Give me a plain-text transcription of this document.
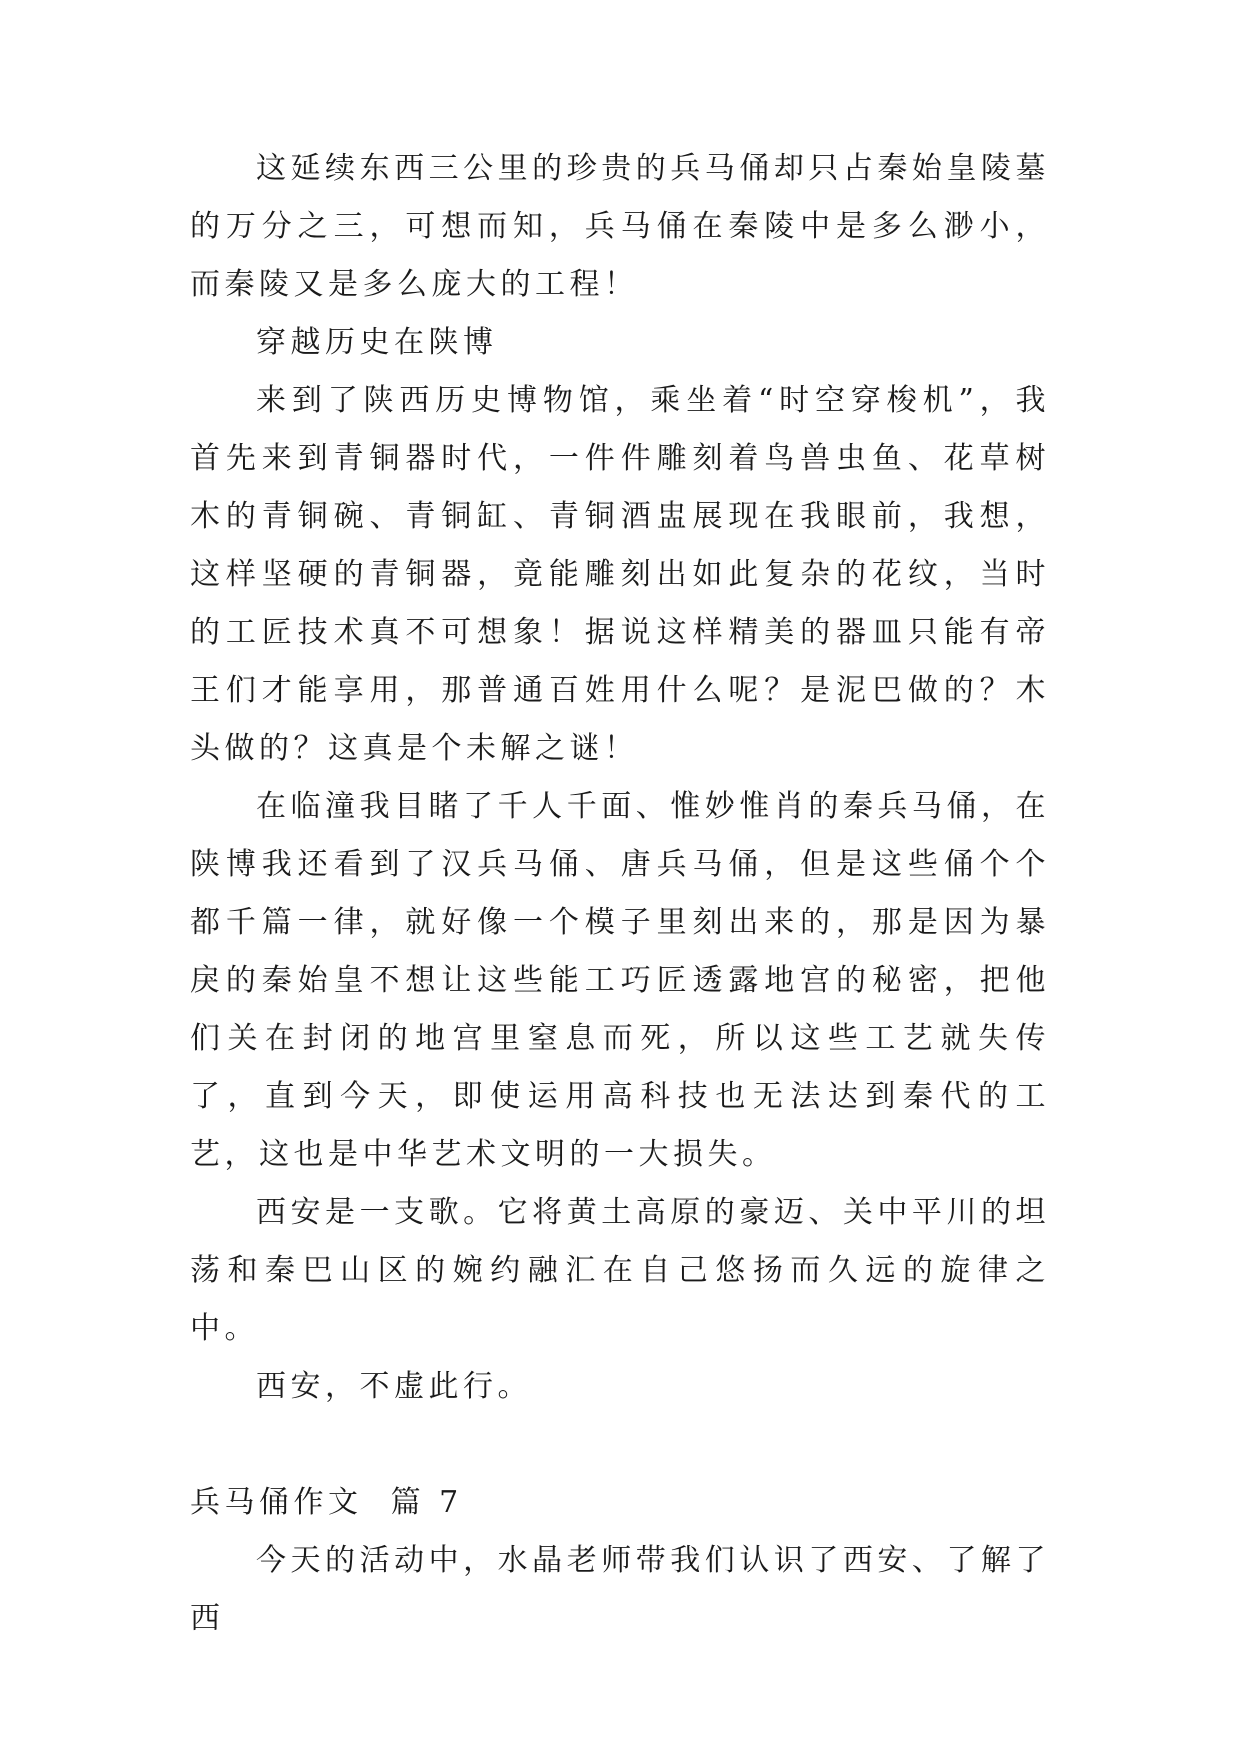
这延续东西三公里的珍贵的兵马俑却只占秦始皇陵墓的万分之三，可想而知，兵马俑在秦陵中是多么渺小，而秦陵又是多么庞大的工程！

穿越历史在陕博

来到了陕西历史博物馆，乘坐着“时空穿梭机”，我首先来到青铜器时代，一件件雕刻着鸟兽虫鱼、花草树木的青铜碗、青铜缸、青铜酒盅展现在我眼前，我想，这样坚硬的青铜器，竟能雕刻出如此复杂的花纹，当时的工匠技术真不可想象！据说这样精美的器皿只能有帝王们才能享用，那普通百姓用什么呢？是泥巴做的？木头做的？这真是个未解之谜！

在临潼我目睹了千人千面、惟妙惟肖的秦兵马俑，在陕博我还看到了汉兵马俑、唐兵马俑，但是这些俑个个都千篇一律，就好像一个模子里刻出来的，那是因为暴戾的秦始皇不想让这些能工巧匠透露地宫的秘密，把他们关在封闭的地宫里窒息而死，所以这些工艺就失传了，直到今天，即使运用高科技也无法达到秦代的工艺，这也是中华艺术文明的一大损失。

西安是一支歌。它将黄土高原的豪迈、关中平川的坦荡和秦巴山区的婉约融汇在自己悠扬而久远的旋律之中。

西安，不虚此行。

兵马俑作文  篇 7

今天的活动中，水晶老师带我们认识了西安、了解了西
